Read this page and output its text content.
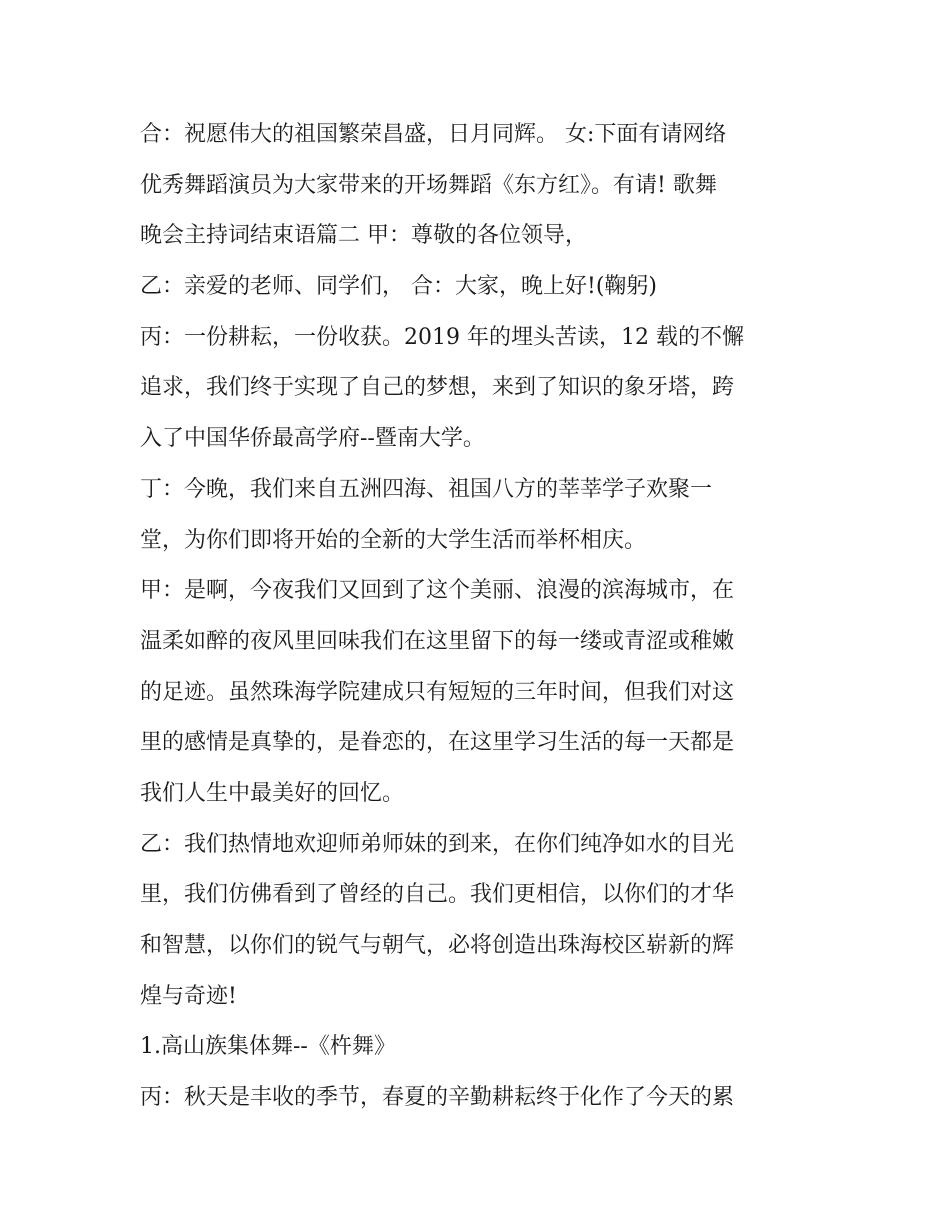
合：祝愿伟大的祖国繁荣昌盛，日月同辉。 女:下面有请网络
优秀舞蹈演员为大家带来的开场舞蹈《东方红》。有请! 歌舞
晚会主持词结束语篇二 甲：尊敬的各位领导，
乙：亲爱的老师、同学们， 合：大家，晚上好!(鞠躬)
丙：一份耕耘，一份收获。2019 年的埋头苦读，12 载的不懈
追求，我们终于实现了自己的梦想，来到了知识的象牙塔，跨
入了中国华侨最高学府--暨南大学。
丁：今晚，我们来自五洲四海、祖国八方的莘莘学子欢聚一
堂，为你们即将开始的全新的大学生活而举杯相庆。
甲：是啊，今夜我们又回到了这个美丽、浪漫的滨海城市，在
温柔如醉的夜风里回味我们在这里留下的每一缕或青涩或稚嫩
的足迹。虽然珠海学院建成只有短短的三年时间，但我们对这
里的感情是真挚的，是眷恋的，在这里学习生活的每一天都是
我们人生中最美好的回忆。
乙：我们热情地欢迎师弟师妹的到来，在你们纯净如水的目光
里，我们仿佛看到了曾经的自己。我们更相信，以你们的才华
和智慧，以你们的锐气与朝气，必将创造出珠海校区崭新的辉
煌与奇迹!
1.高山族集体舞--《杵舞》
丙：秋天是丰收的季节，春夏的辛勤耕耘终于化作了今天的累
